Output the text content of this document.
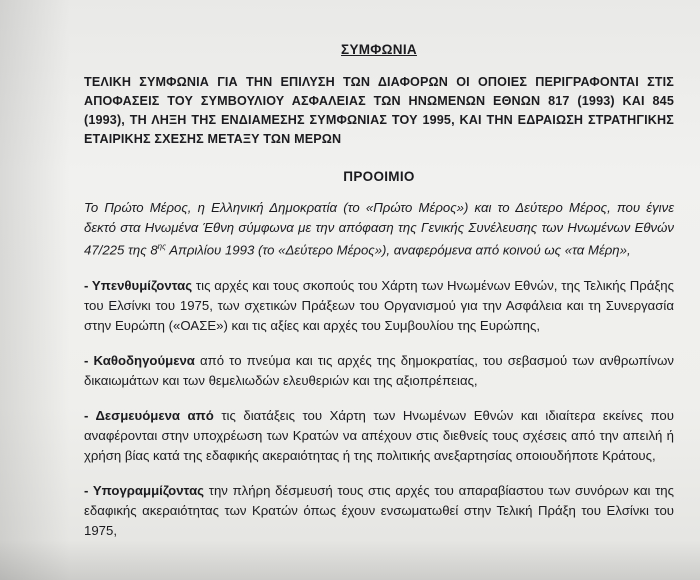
ΣΥΜΦΩΝΙΑ
ΤΕΛΙΚΗ ΣΥΜΦΩΝΙΑ ΓΙΑ ΤΗΝ ΕΠΙΛΥΣΗ ΤΩΝ ΔΙΑΦΟΡΩΝ ΟΙ ΟΠΟΙΕΣ ΠΕΡΙΓΡΑΦΟΝΤΑΙ ΣΤΙΣ ΑΠΟΦΑΣΕΙΣ ΤΟΥ ΣΥΜΒΟΥΛΙΟΥ ΑΣΦΑΛΕΙΑΣ ΤΩΝ ΗΝΩΜΕΝΩΝ ΕΘΝΩΝ 817 (1993) ΚΑΙ 845 (1993), ΤΗ ΛΗΞΗ ΤΗΣ ΕΝΔΙΑΜΕΣΗΣ ΣΥΜΦΩΝΙΑΣ ΤΟΥ 1995, ΚΑΙ ΤΗΝ ΕΔΡΑΙΩΣΗ ΣΤΡΑΤΗΓΙΚΗΣ ΕΤΑΙΡΙΚΗΣ ΣΧΕΣΗΣ ΜΕΤΑΞΥ ΤΩΝ ΜΕΡΩΝ
ΠΡΟΟΙΜΙΟ
Το Πρώτο Μέρος, η Ελληνική Δημοκρατία (το «Πρώτο Μέρος») και το Δεύτερο Μέρος, που έγινε δεκτό στα Ηνωμένα Έθνη σύμφωνα με την απόφαση της Γενικής Συνέλευσης των Ηνωμένων Εθνών 47/225 της $8^{\eta\varsigma}$ Απριλίου 1993 (το «Δεύτερο Μέρος»), αναφερόμενα από κοινού ως «τα Μέρη»,
- Υπενθυμίζοντας τις αρχές και τους σκοπούς του Χάρτη των Ηνωμένων Εθνών, της Τελικής Πράξης του Ελσίνκι του 1975, των σχετικών Πράξεων του Οργανισμού για την Ασφάλεια και τη Συνεργασία στην Ευρώπη («ΟΑΣΕ») και τις αξίες και αρχές του Συμβουλίου της Ευρώπης,
- Καθοδηγούμενα από το πνεύμα και τις αρχές της δημοκρατίας, του σεβασμού των ανθρωπίνων δικαιωμάτων και των θεμελιωδών ελευθεριών και της αξιοπρέπειας,
- Δεσμευόμενα από τις διατάξεις του Χάρτη των Ηνωμένων Εθνών και ιδιαίτερα εκείνες που αναφέρονται στην υποχρέωση των Κρατών να απέχουν στις διεθνείς τους σχέσεις από την απειλή ή χρήση βίας κατά της εδαφικής ακεραιότητας ή της πολιτικής ανεξαρτησίας οποιουδήποτε Κράτους,
- Υπογραμμίζοντας την πλήρη δέσμευσή τους στις αρχές του απαραβίαστου των συνόρων και της εδαφικής ακεραιότητας των Κρατών όπως έχουν ενσωματωθεί στην Τελική Πράξη του Ελσίνκι του 1975,
